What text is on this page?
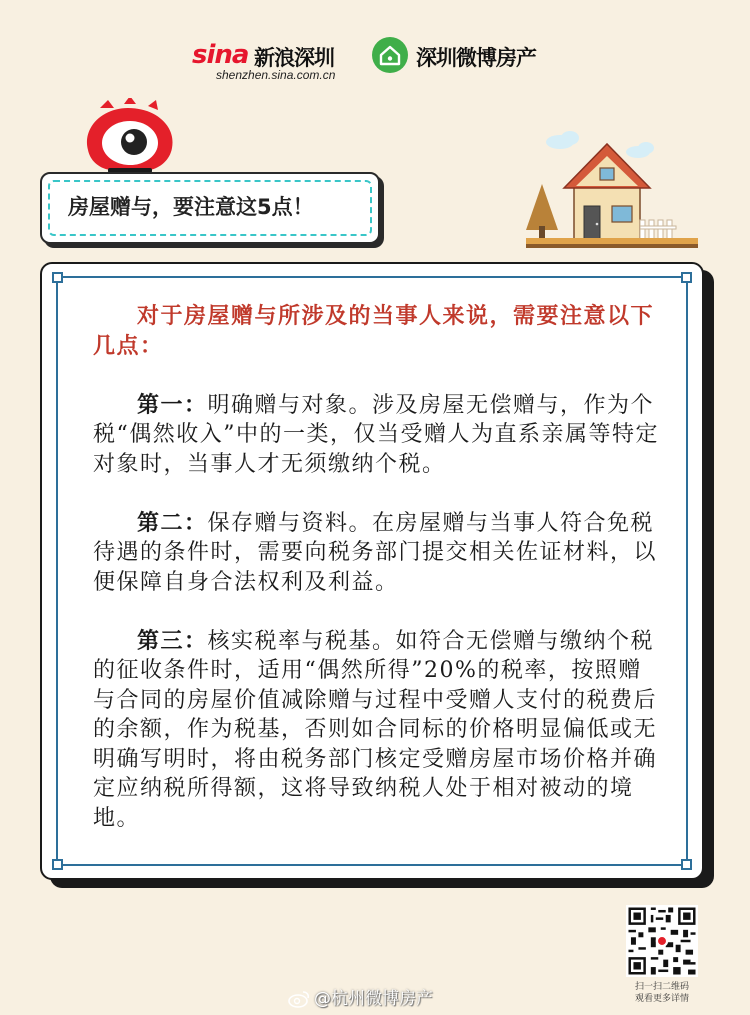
sina 新浪深圳
shenzhen.sina.com.cn
深圳微博房产
房屋赠与，要注意这5点！

对于房屋赠与所涉及的当事人来说，需要注意以下几点：

第一：明确赠与对象。涉及房屋无偿赠与，作为个税“偶然收入”中的一类，仅当受赠人为直系亲属等特定对象时，当事人才无须缴纳个税。

第二：保存赠与资料。在房屋赠与当事人符合免税待遇的条件时，需要向税务部门提交相关佐证材料，以便保障自身合法权利及利益。

第三：核实税率与税基。如符合无偿赠与缴纳个税的征收条件时，适用“偶然所得”20%的税率，按照赠与合同的房屋价值减除赠与过程中受赠人支付的税费后的余额，作为税基，否则如合同标的价格明显偏低或无明确写明时，将由税务部门核定受赠房屋市场价格并确定应纳税所得额，这将导致纳税人处于相对被动的境地。

扫一扫二维码
观看更多详情
@杭州微博房产
